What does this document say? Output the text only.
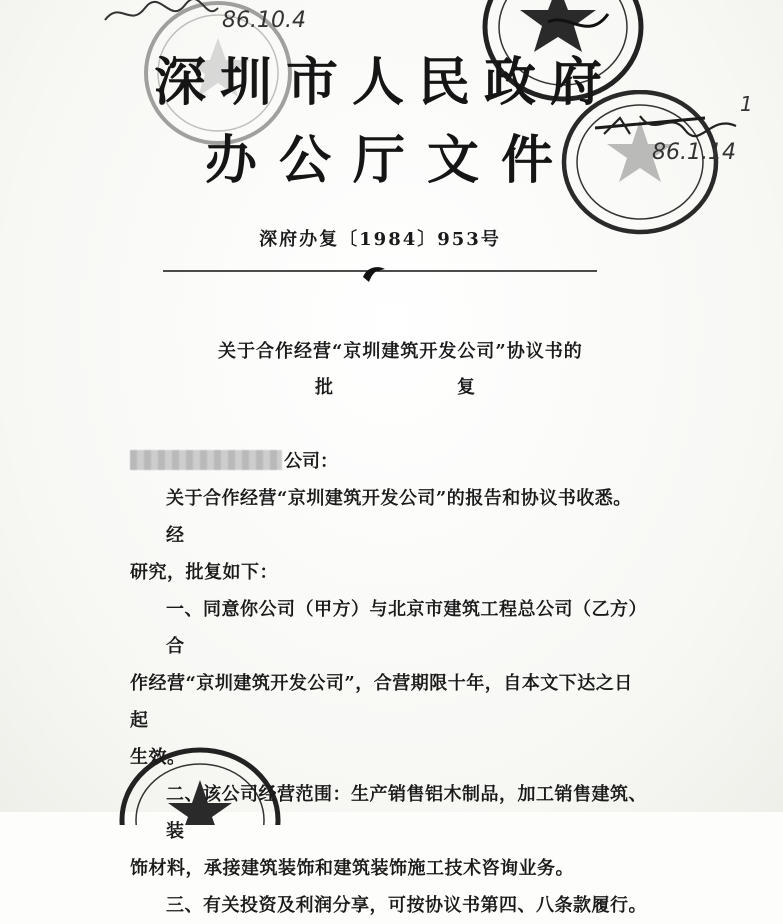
86.10.4
1
86.1.14
深圳市人民政府
办公厅文件
深府办复〔1984〕953号
关于合作经营“京圳建筑开发公司”协议书的
批	复
公司：

关于合作经营“京圳建筑开发公司”的报告和协议书收悉。经

研究，批复如下：

一、同意你公司（甲方）与北京市建筑工程总公司（乙方）合

作经营“京圳建筑开发公司”，合营期限十年，自本文下达之日起

生效。

二、该公司经营范围：生产销售铝木制品，加工销售建筑、装

饰材料，承接建筑装饰和建筑装饰施工技术咨询业务。

三、有关投资及利润分享，可按协议书第四、八条款履行。
